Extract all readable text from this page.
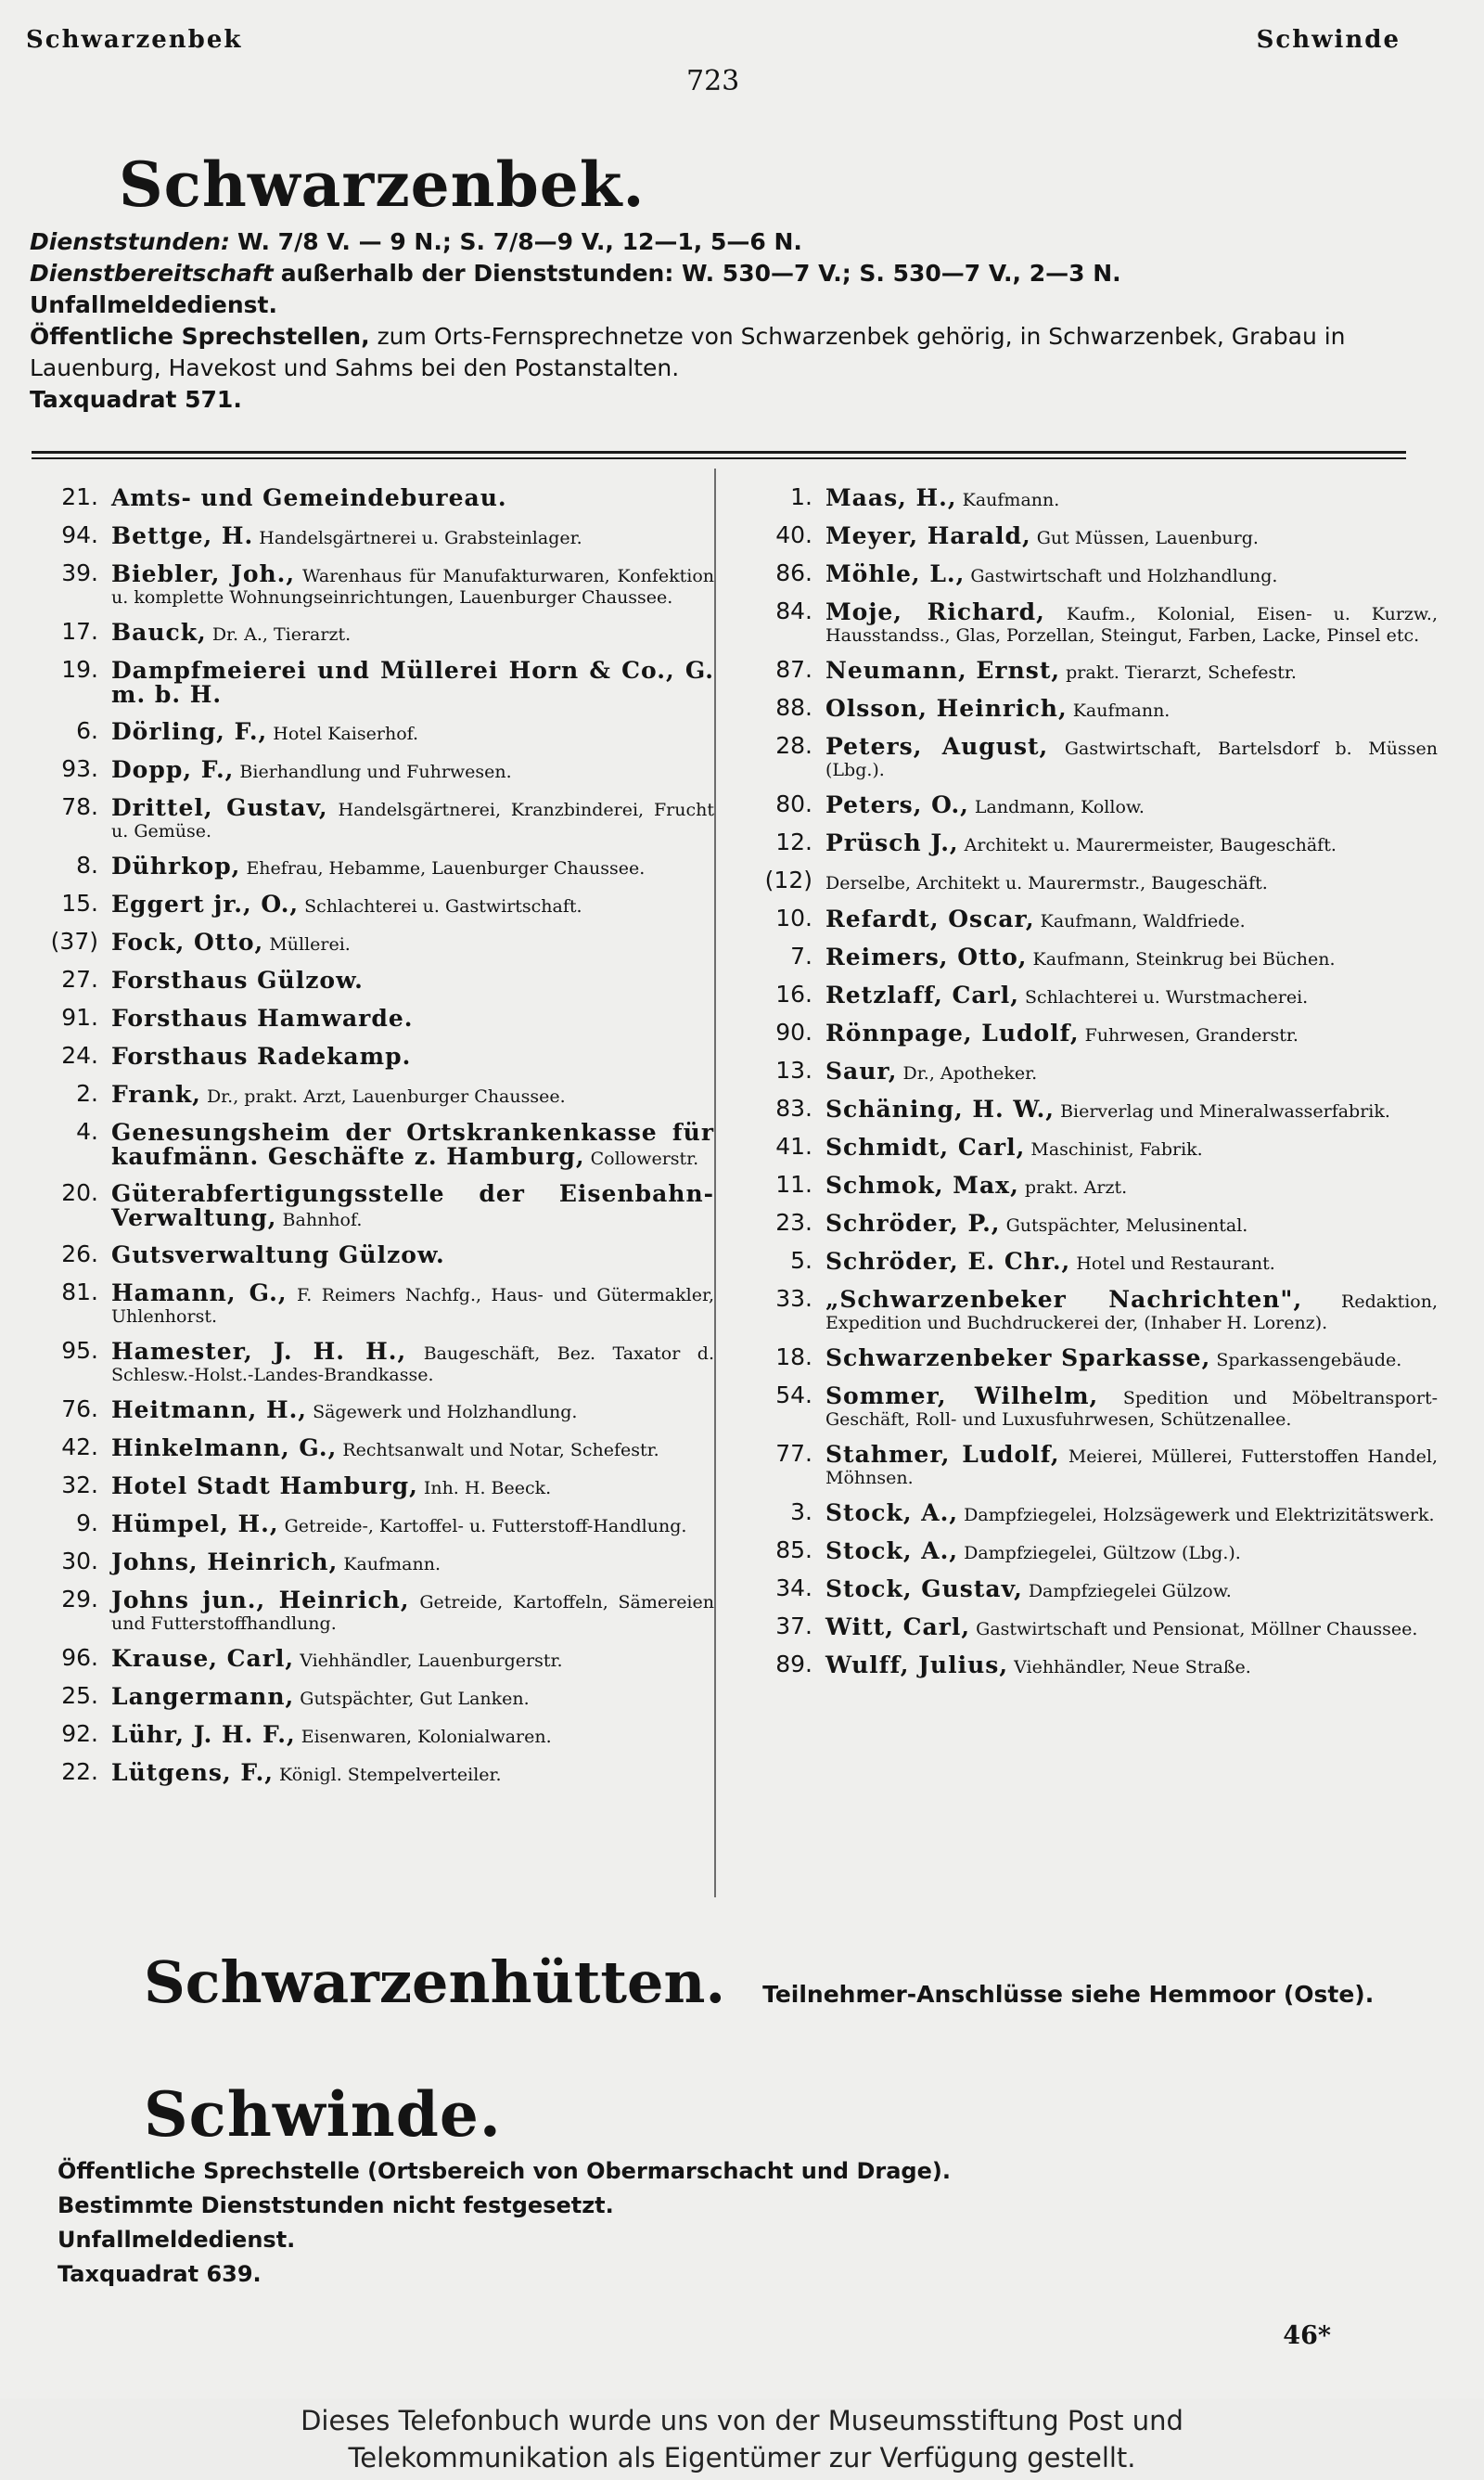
Schwarzenbek	Schwinde
723
Schwarzenbek.
Dienststunden: W. 7/8 V. — 9 N.; S. 7/8—9 V., 12—1, 5—6 N.
Dienstbereitschaft außerhalb der Dienststunden: W. 530—7 V.; S. 530—7 V., 2—3 N.
Unfallmeldedienst.
Öffentliche Sprechstellen, zum Orts-Fernsprechnetze von Schwarzenbek gehörig, in Schwarzenbek, Grabau in Lauenburg, Havekost und Sahms bei den Postanstalten.
Taxquadrat 571.
21. Amts- und Gemeindebureau.
94. Bettge, H. Handelsgärtnerei u. Grabsteinlager.
39. Biebler, Joh., Warenhaus für Manufakturwaren, Konfektion u. komplette Wohnungseinrichtungen, Lauenburger Chaussee.
17. Bauck, Dr. A., Tierarzt.
19. Dampfmeierei und Müllerei Horn & Co., G. m. b. H.
6. Dörling, F., Hotel Kaiserhof.
93. Dopp, F., Bierhandlung und Fuhrwesen.
78. Drittel, Gustav, Handelsgärtnerei, Kranzbinderei, Frucht u. Gemüse.
8. Dührkop, Ehefrau, Hebamme, Lauenburger Chaussee.
15. Eggert jr., O., Schlachterei u. Gastwirtschaft.
(37) Fock, Otto, Müllerei.
27. Forsthaus Gülzow.
91. Forsthaus Hamwarde.
24. Forsthaus Radekamp.
2. Frank, Dr., prakt. Arzt, Lauenburger Chaussee.
4. Genesungsheim der Ortskrankenkasse für kaufmänn. Geschäfte z. Hamburg, Collowerstr.
20. Güterabfertigungsstelle der Eisenbahn-Verwaltung, Bahnhof.
26. Gutsverwaltung Gülzow.
81. Hamann, G., F. Reimers Nachfg., Haus- und Gütermakler, Uhlenhorst.
95. Hamester, J. H. H., Baugeschäft, Bez. Taxator d. Schlesw.-Holst.-Landes-Brandkasse.
76. Heitmann, H., Sägewerk und Holzhandlung.
42. Hinkelmann, G., Rechtsanwalt und Notar, Schefestr.
32. Hotel Stadt Hamburg, Inh. H. Beeck.
9. Hümpel, H., Getreide-, Kartoffel- u. Futterstoff-Handlung.
30. Johns, Heinrich, Kaufmann.
29. Johns jun., Heinrich, Getreide, Kartoffeln, Sämereien und Futterstoffhandlung.
96. Krause, Carl, Viehhändler, Lauenburgerstr.
25. Langermann, Gutspächter, Gut Lanken.
92. Lühr, J. H. F., Eisenwaren, Kolonialwaren.
22. Lütgens, F., Königl. Stempelverteiler.
1. Maas, H., Kaufmann.
40. Meyer, Harald, Gut Müssen, Lauenburg.
86. Möhle, L., Gastwirtschaft und Holzhandlung.
84. Moje, Richard, Kaufm., Kolonial, Eisen- u. Kurzw., Hausstandss., Glas, Porzellan, Steingut, Farben, Lacke, Pinsel etc.
87. Neumann, Ernst, prakt. Tierarzt, Schefestr.
88. Olsson, Heinrich, Kaufmann.
28. Peters, August, Gastwirtschaft, Bartelsdorf b. Müssen (Lbg.).
80. Peters, O., Landmann, Kollow.
12. Prüsch J., Architekt u. Maurermeister, Baugeschäft.
(12) Derselbe, Architekt u. Maurermstr., Baugeschäft.
10. Refardt, Oscar, Kaufmann, Waldfriede.
7. Reimers, Otto, Kaufmann, Steinkrug bei Büchen.
16. Retzlaff, Carl, Schlachterei u. Wurstmacherei.
90. Rönnpage, Ludolf, Fuhrwesen, Granderstr.
13. Saur, Dr., Apotheker.
83. Schäning, H. W., Bierverlag und Mineralwasserfabrik.
41. Schmidt, Carl, Maschinist, Fabrik.
11. Schmok, Max, prakt. Arzt.
23. Schröder, P., Gutspächter, Melusinental.
5. Schröder, E. Chr., Hotel und Restaurant.
33. „Schwarzenbeker Nachrichten", Redaktion, Expedition und Buchdruckerei der, (Inhaber H. Lorenz).
18. Schwarzenbeker Sparkasse, Sparkassengebäude.
54. Sommer, Wilhelm, Spedition und Möbeltransport-Geschäft, Roll- und Luxusfuhrwesen, Schützenallee.
77. Stahmer, Ludolf, Meierei, Müllerei, Futterstoffen Handel, Möhnsen.
3. Stock, A., Dampfziegelei, Holzsägewerk und Elektrizitätswerk.
85. Stock, A., Dampfziegelei, Gültzow (Lbg.).
34. Stock, Gustav, Dampfziegelei Gülzow.
37. Witt, Carl, Gastwirtschaft und Pensionat, Möllner Chaussee.
89. Wulff, Julius, Viehhändler, Neue Straße.
Schwarzenhütten. Teilnehmer-Anschlüsse siehe Hemmoor (Oste).
Schwinde.
Öffentliche Sprechstelle (Ortsbereich von Obermarschacht und Drage).
Bestimmte Dienststunden nicht festgesetzt.
Unfallmeldedienst.
Taxquadrat 639.
46*
Dieses Telefonbuch wurde uns von der Museumsstiftung Post und
Telekommunikation als Eigentümer zur Verfügung gestellt.
